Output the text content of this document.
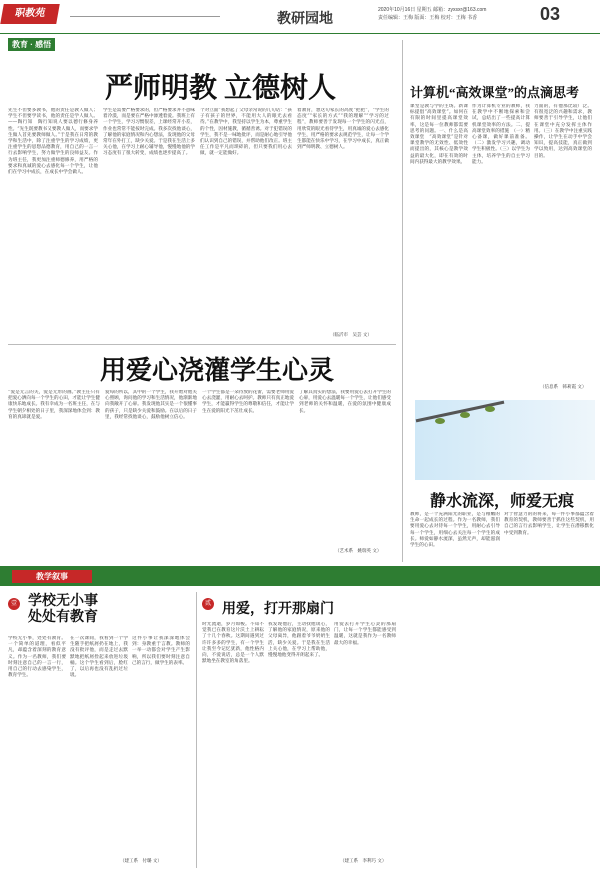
职教苑	教研园地
2020年10月16日 星期五 邮箱：zyxsxr@163.com
责任编辑：王梅 版面：王梅 校对：王梅 书香	03
教育 · 感悟
严师明教 立德树人
先生不但要多教书，他的责任是教人做人；学生不但要学读书，他的责任是学人做人。——陶行知　陶行知说人要以德行修身养性。“先生既要教书又要教人做人，而要求学生做人首先要教师做人。”于是我在日常的教学和生活中，除了注重学生的学习成绩，更注重学生的思想品德教育，用自己的一言一行去影响学生，努力做学生的良师益友。作为班主任，我更加注重师德修养，用严格的要求和真诚的爱心去感化每一个学生，让他们在学习中成长，在成长中学会做人。
学生是需要严格要求的，但严格要求并不意味着冷漠，而是要在严格中渗透着爱。我班上有一个学生，学习习惯很差，上课经常开小差，作业也常常不能按时完成。我多次找他谈心，了解他的家庭情况和内心想法，发现他的父母常年在外打工，缺少关爱。于是我在生活上多关心他，在学习上耐心辅导他，慢慢地他的学习态度有了很大转变，成绩也逐步提高了。
个对立面”我想起了父母亲常说的几句话：“孩子有孩子的世界，不能用大人的眼光去看待。”在教学中，我坚持以学生为本，尊重学生的个性，因材施教，循循善诱。对于犯错误的学生，我不是一味地批评，而是耐心地引导他们认识到自己的错误，并帮助他们改正。班主任工作是平凡而琐碎的，但只要我们用心去做，就一定能做好。
着教育，想这句家长的高度“把把”，“学生的态度”“家长的方式”“我的理解”“学习的过程”，教师要善于发现每一个学生的闪光点，用欣赏的眼光看待学生，用真诚的爱心去感化学生，用严格的要求去规范学生，让每一个学生都能在快乐中学习，在学习中成长，真正做到严师明教、立德树人。
（临沂市　吴芸 文）
用爱心浇灌学生心灵
“爱是无言的关，爱是无形的画。”教主任只有把爱心洒向每一个学生的心田，才能让学生健康快乐地成长。我有幸成为一名班主任，在与学生朝夕相处的日子里，我深深地体会到：教育的真谛就是爱。
爱每的所以，其中的一个学生，我开始对他关心照顾，询问他的学习和生活情况，他渐渐地向我敞开了心扉。我发现他其实是一个很懂事的孩子，只是缺少关爱和鼓励。在以后的日子里，我经常找他谈心，鼓励他树立信心。
一个学生都是一朵待放的花蕾，需要老师用爱心去浇灌，用耐心去呵护。教师只有真正地爱学生，才能赢得学生的尊敬和信任，才能让学生在爱的阳光下茁壮成长。
了解其真实的想法，我要用爱心去打开学生的心扉，用爱心去温暖每一个学生，让他们感受到老师的关怀和温暖，在爱的氛围中健康成长。
（艺术系　姚瑞英 文）
计算机“高效课堂”的点滴思考
课堂是教与学的主场。新课标提倡“高效课堂”。如何在有限的时间里提高课堂效率，这是每一位教师都需要思考的问题。一、什么是高效课堂　“高效课堂”是针对课堂教学的无效性、低效性而提出的，其核心是教学效益的最大化，即在有效的时间内获得最大的教学效果。
作为计算机专业的教师，我在教学中不断地探索和尝试，总结出了一些提高计算机课堂效率的方法。二、提高课堂效率的措施　（一）精心备课，做好课前准备。（二）激发学习兴趣，调动学生积极性。（三）以学生为主体，培养学生的自主学习能力。
力面的，有他那比较广泛。有很宽泛的兴趣和需求，教师要善于引导学生，让他们在课堂中充分发挥主体作用。（三）在教学中注重实践操作，让学生在动手中学会知识，提高技能，真正做到学以致用，达到高效课堂的目的。
（信息系　韩莉霞 文）
静水流深，师爱无痕
教师，是一个充满阳光的职业，是与稚嫩的生命一起成长的过程。作为一名教师，我们要用爱心去对待每一个学生，用耐心去引导每一个学生，用细心去关注每一个学生的成长。师爱如静水流深，虽然无声，却能滋润学生的心田。
对于智慧力的的将来，每一件小事都蕴含着教育的契机，教师要善于抓住这些契机，用自己的言行去影响学生，让学生在潜移默化中受到教育。
教学叙事
壹 学校无小事
处处有教育
学校无小事，处处有教育。一个简单的道理，看似平凡，却蕴含着深刻的教育意义。作为一名教师，我们要时刻注意自己的一言一行，用自己的行动去感染学生，教育学生。
在一次课间，我看到一个学生随手把纸屑扔在地上，我没有批评他，而是走过去默默地把纸屑捡起来放进垃圾桶。这个学生看到后，脸红了，以后再也没有乱扔过垃圾。
这件小事让我深深地体会到：身教重于言教。教师的一举一动都会对学生产生影响，所以我们要时刻注意自己的言行，做学生的表率。
（建工系　付璐 文）
贰 用爱，打开那扇门
时光流逝，岁月如梭。不知不觉我已在教育这片沃土上耕耘了十几个春秋。这期间遇到过许许多多的学生，有一个学生让我至今记忆犹新，他性格内向，不爱说话，总是一个人默默地坐在教室的角落里。
我发现他后，主动找他谈心，了解他的家庭情况，原来他的父母离异，他跟着爷爷奶奶生活，缺少关爱。于是我在生活上关心他，在学习上帮助他，慢慢地他变得开朗起来了。
用爱去打开学生心灵的那扇门，让每一个学生都能感受到温暖，这就是我作为一名教师最大的幸福。
（建工系　李利巧 文）
